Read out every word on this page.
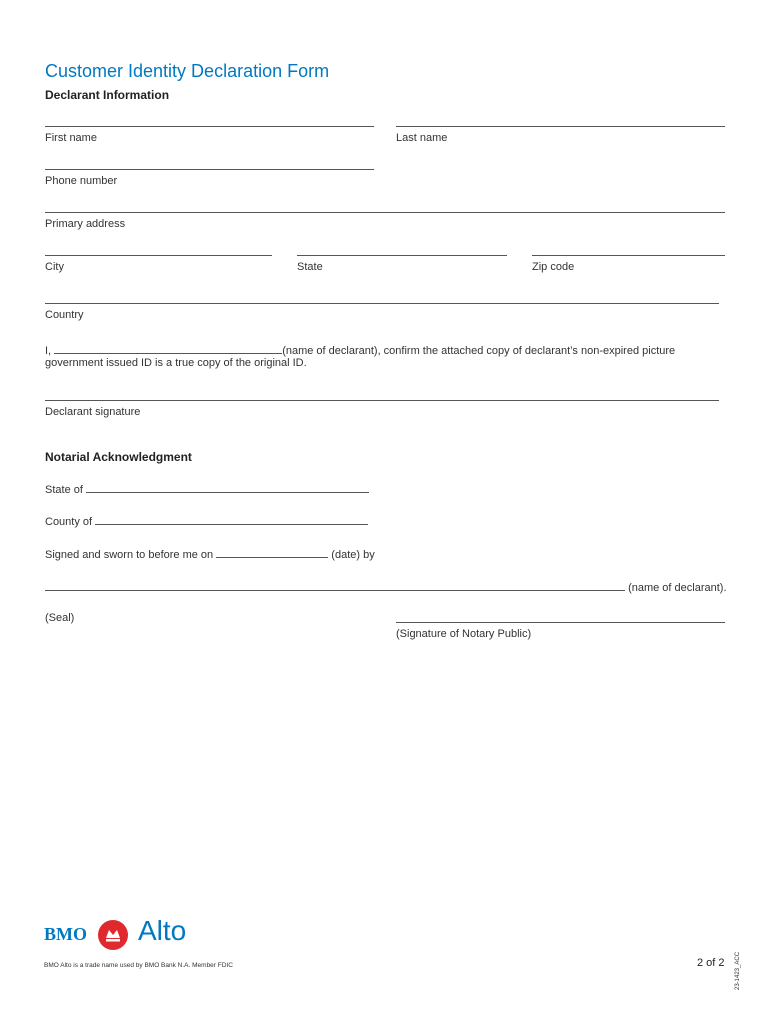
Customer Identity Declaration Form
Declarant Information
First name	Last name
Phone number
Primary address
City	State	Zip code
Country
I,	(name of declarant), confirm the attached copy of declarant’s non-expired picture
government issued ID is a true copy of the original ID.
Declarant signature
Notarial Acknowledgment
State of
County of
Signed and sworn to before me on	(date) by
(name of declarant).
(Seal)
(Signature of Notary Public)
BMO Alto
BMO Alto is a trade name used by BMO Bank N.A. Member FDIC	2 of 2 23-1423_ACC
